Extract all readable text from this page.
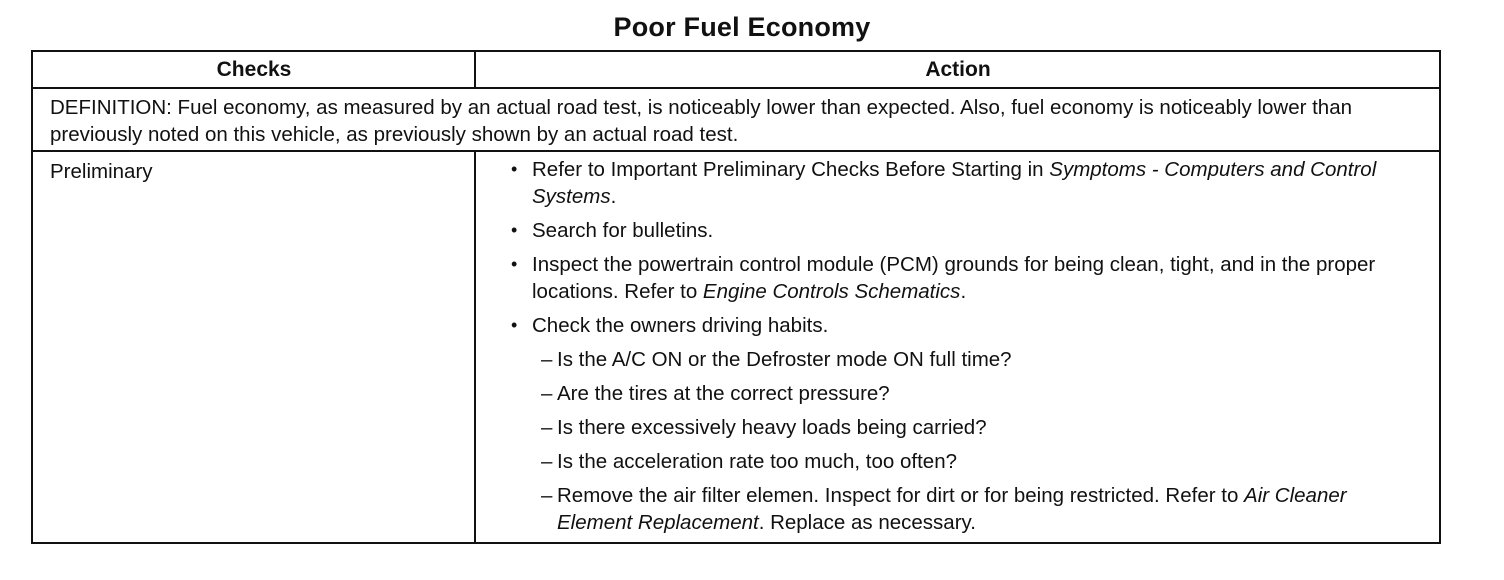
Poor Fuel Economy
Checks	Action
DEFINITION: Fuel economy, as measured by an actual road test, is noticeably lower than expected. Also, fuel economy is noticeably lower than previously noted on this vehicle, as previously shown by an actual road test.
Preliminary	• Refer to Important Preliminary Checks Before Starting in Symptoms - Computers and Control Systems.
• Search for bulletins.
• Inspect the powertrain control module (PCM) grounds for being clean, tight, and in the proper locations. Refer to Engine Controls Schematics.
• Check the owners driving habits.
– Is the A/C ON or the Defroster mode ON full time?
– Are the tires at the correct pressure?
– Is there excessively heavy loads being carried?
– Is the acceleration rate too much, too often?
– Remove the air filter elemen. Inspect for dirt or for being restricted. Refer to Air Cleaner Element Replacement. Replace as necessary.
